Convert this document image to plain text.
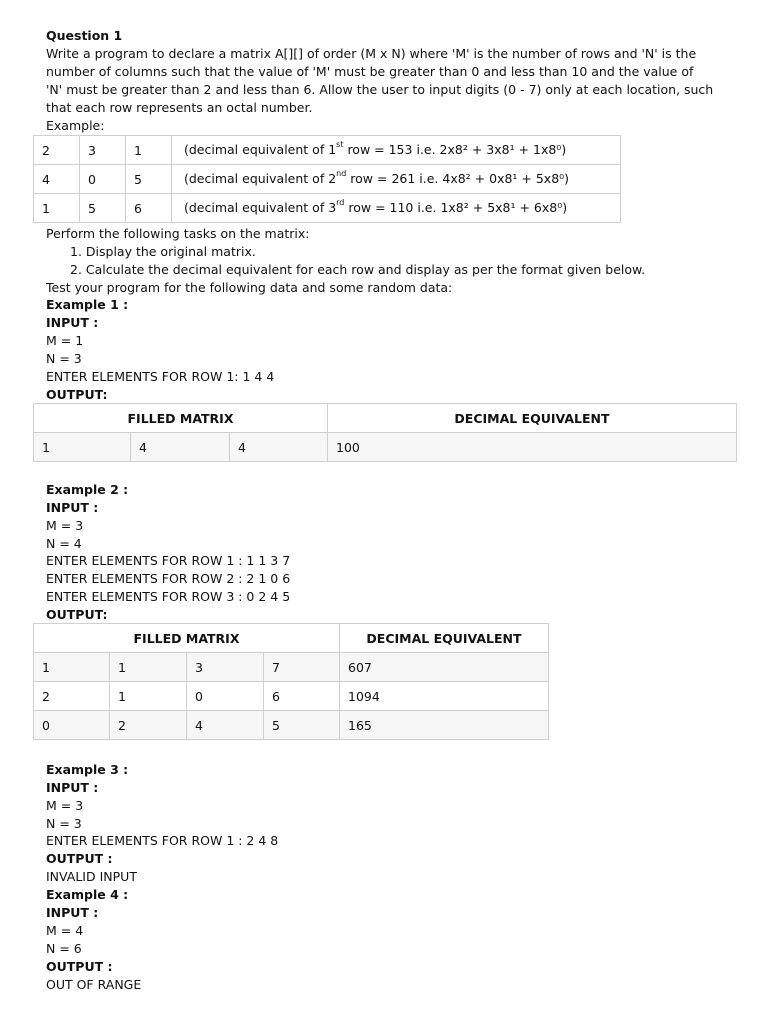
Question 1
Write a program to declare a matrix A[][] of order (M x N) where 'M' is the number of rows and 'N' is the
number of columns such that the value of 'M' must be greater than 0 and less than 10 and the value of
'N' must be greater than 2 and less than 6. Allow the user to input digits (0 - 7) only at each location, such
that each row represents an octal number.
Example:
2	3	1	(decimal equivalent of 1st row = 153 i.e. 2x8² + 3x8¹ + 1x8⁰)
4	0	5	(decimal equivalent of 2nd row = 261 i.e. 4x8² + 0x8¹ + 5x8⁰)
1	5	6	(decimal equivalent of 3rd row = 110 i.e. 1x8² + 5x8¹ + 6x8⁰)
Perform the following tasks on the matrix:
1. Display the original matrix.
2. Calculate the decimal equivalent for each row and display as per the format given below.
Test your program for the following data and some random data:
Example 1 :
INPUT :
M = 1
N = 3
ENTER ELEMENTS FOR ROW 1: 1 4 4
OUTPUT:
FILLED MATRIX			DECIMAL EQUIVALENT
1	4	4	100
Example 2 :
INPUT :
M = 3
N = 4
ENTER ELEMENTS FOR ROW 1 : 1 1 3 7
ENTER ELEMENTS FOR ROW 2 : 2 1 0 6
ENTER ELEMENTS FOR ROW 3 : 0 2 4 5
OUTPUT:
FILLED MATRIX				DECIMAL EQUIVALENT
1	1	3	7	607
2	1	0	6	1094
0	2	4	5	165
Example 3 :
INPUT :
M = 3
N = 3
ENTER ELEMENTS FOR ROW 1 : 2 4 8
OUTPUT :
INVALID INPUT
Example 4 :
INPUT :
M = 4
N = 6
OUTPUT :
OUT OF RANGE
